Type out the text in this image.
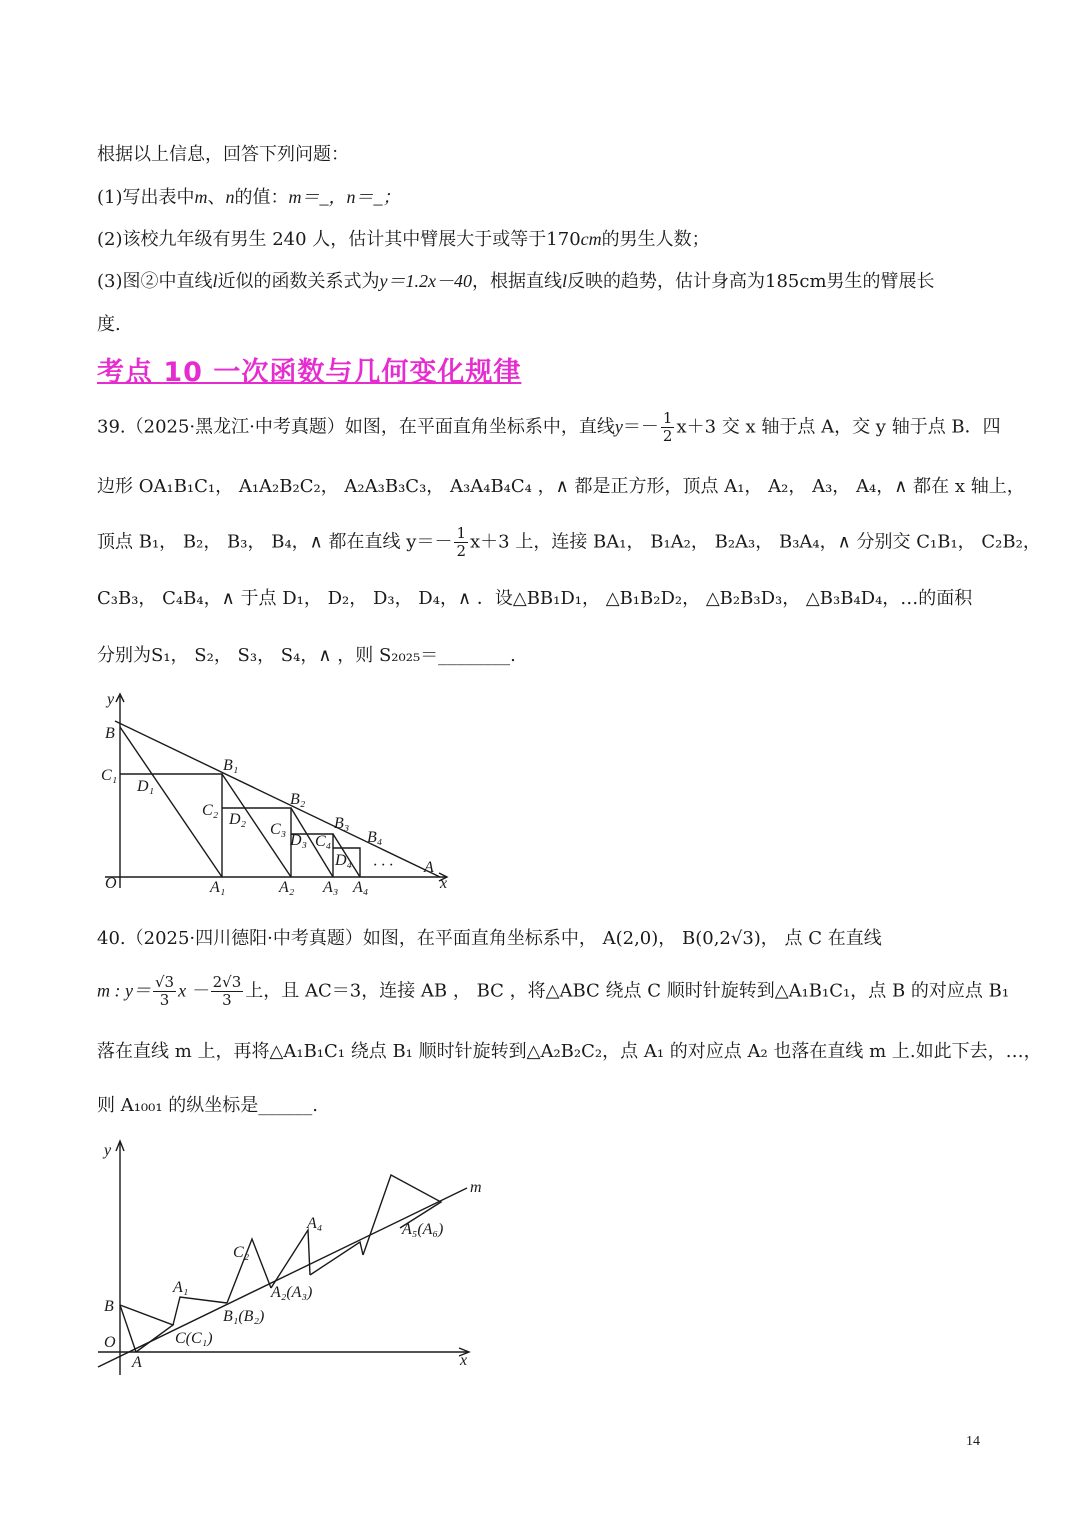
根据以上信息，回答下列问题：
(1)写出表中m、n的值：m＝_，n＝_；
(2)该校九年级有男生 240 人，估计其中臂展大于或等于170cm的男生人数；
(3)图②中直线l近似的函数关系式为y＝1.2x－40，根据直线l反映的趋势，估计身高为185cm男生的臂展长
度.
考点 10 一次函数与几何变化规律
39.（2025·黑龙江·中考真题）如图，在平面直角坐标系中，直线$y=- \frac{1}{2} x+3$ 交 x 轴于点 A，交 y 轴于点 B．四
边形 OA₁B₁C₁， A₁A₂B₂C₂， A₂A₃B₃C₃， A₃A₄B₄C₄ ，∧ 都是正方形，顶点 A₁， A₂， A₃， A₄，∧ 都在 x 轴上，
顶点 B₁， B₂， B₃， B₄，∧ 都在直线 $y=- \frac{1}{2} x+3$ 上，连接 BA₁， B₁A₂， B₂A₃， B₃A₄，∧ 分别交 C₁B₁， C₂B₂，
C₃B₃， C₄B₄，∧ 于点 D₁， D₂， D₃， D₄，∧ ．设△BB₁D₁， △B₁B₂D₂， △B₂B₃D₃， △B₃B₄D₄，…的面积
分别为S₁， S₂， S₃， S₄，∧ ，则 S₂₀₂₅＝________.
y
x
O
B
C₁
D₁
B₁
C₂
D₂
B₂
C₃
D₃ C₄
B₃
D₄
B₄
· · · A
A₁	A₂ A₃ A₄
40.（2025·四川德阳·中考真题）如图，在平面直角坐标系中， A(2,0)， B(0,2√3)， 点 C 在直线
m : $y= \frac{√3}{3}$ $x - \frac{2√3}{3}$ 上，且 AC＝3，连接 AB ， BC ，将△ABC 绕点 C 顺时针旋转到△A₁B₁C₁，点 B 的对应点 B₁
落在直线 m 上，再将△A₁B₁C₁ 绕点 B₁ 顺时针旋转到△A₂B₂C₂，点 A₁ 的对应点 A₂ 也落在直线 m 上.如此下去，…，
则 A₁₀₀₁ 的纵坐标是______.
y
x
O
A
B
C(C₁)
A₁
B₁(B₂)
C₂
A₂(A₃)
A₄	A₅(A₆)
m
14
